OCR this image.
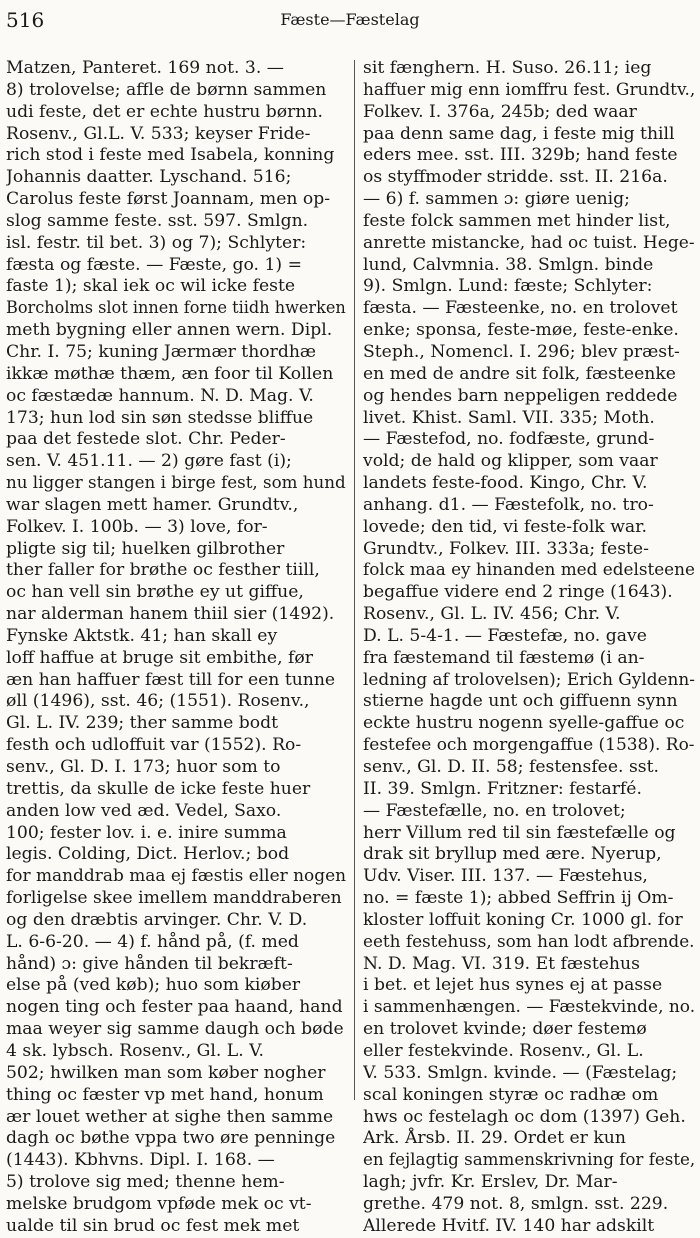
516	Fæste—Fæstelag
Matzen, Panteret. 169 not. 3. —
8) trolovelse; affle de børnn sammen
udi feste, det er echte hustru børnn.
Rosenv., Gl.L. V. 533; keyser Fride-
rich stod i feste med Isabela, konning
Johannis daatter. Lyschand. 516;
Carolus feste først Joannam, men op-
slog samme feste. sst. 597. Smlgn.
isl. festr. til bet. 3) og 7); Schlyter:
fæsta og fæste. — Fæste, go. 1) =
faste 1); skal iek oc wil icke feste
Borcholms slot innen forne tiidh hwerken
meth bygning eller annen wern. Dipl.
Chr. I. 75; kuning Jærmær thordhæ
ikkæ møthæ thæm, æn foor til Kollen
oc fæstædæ hannum. N. D. Mag. V.
173; hun lod sin søn stedsse bliffue
paa det festede slot. Chr. Peder-
sen. V. 451.11. — 2) gøre fast (i);
nu ligger stangen i birge fest, som hund
war slagen mett hamer. Grundtv.,
Folkev. I. 100b. — 3) love, for-
pligte sig til; huelken gilbrother
ther faller for brøthe oc festher tiill,
oc han vell sin brøthe ey ut giffue,
nar alderman hanem thiil sier (1492).
Fynske Aktstk. 41; han skall ey
loff haffue at bruge sit embithe, før
æn han haffuer fæst till for een tunne
øll (1496), sst. 46; (1551). Rosenv.,
Gl. L. IV. 239; ther samme bodt
festh och udloffuit var (1552). Ro-
senv., Gl. D. I. 173; huor som to
trettis, da skulle de icke feste huer
anden low ved æd. Vedel, Saxo.
100; fester lov. i. e. inire summa
legis. Colding, Dict. Herlov.; bod
for manddrab maa ej fæstis eller nogen
forligelse skee imellem manddraberen
og den dræbtis arvinger. Chr. V. D.
L. 6-6-20. — 4) f. hånd på, (f. med
hånd) ɔ: give hånden til bekræft-
else på (ved køb); huo som kiøber
nogen ting och fester paa haand, hand
maa weyer sig samme daugh och bøde
4 sk. lybsch. Rosenv., Gl. L. V.
502; hwilken man som køber nogher
thing oc fæster vp met hand, honum
ær louet wether at sighe then samme
dagh oc bøthe vppa two øre penninge
(1443). Kbhvns. Dipl. I. 168. —
5) trolove sig med; thenne hem-
melske brudgom vpføde mek oc vt-
ualde til sin brud oc fest mek met
sit fænghern. H. Suso. 26.11; ieg
haffuer mig enn iomffru fest. Grundtv.,
Folkev. I. 376a, 245b; ded waar
paa denn same dag, i feste mig thill
eders mee. sst. III. 329b; hand feste
os styffmoder stridde. sst. II. 216a.
— 6) f. sammen ɔ: giøre uenig;
feste folck sammen met hinder list,
anrette mistancke, had oc tuist. Hege-
lund, Calvmnia. 38. Smlgn. binde
9). Smlgn. Lund: fæste; Schlyter:
fæsta. — Fæsteenke, no. en trolovet
enke; sponsa, feste-møe, feste-enke.
Steph., Nomencl. I. 296; blev præst-
en med de andre sit folk, fæsteenke
og hendes barn neppeligen reddede
livet. Khist. Saml. VII. 335; Moth.
— Fæstefod, no. fodfæste, grund-
vold; de hald og klipper, som vaar
landets feste-food. Kingo, Chr. V.
anhang. d1. — Fæstefolk, no. tro-
lovede; den tid, vi feste-folk war.
Grundtv., Folkev. III. 333a; feste-
folck maa ey hinanden med edelsteene
begaffue videre end 2 ringe (1643).
Rosenv., Gl. L. IV. 456; Chr. V.
D. L. 5-4-1. — Fæstefæ, no. gave
fra fæstemand til fæstemø (i an-
ledning af trolovelsen); Erich Gyldenn-
stierne hagde unt och giffuenn synn
eckte hustru nogenn syelle-gaffue oc
festefee och morgengaffue (1538). Ro-
senv., Gl. D. II. 58; festensfee. sst.
II. 39. Smlgn. Fritzner: festarfé.
— Fæstefælle, no. en trolovet;
herr Villum red til sin fæstefælle og
drak sit bryllup med ære. Nyerup,
Udv. Viser. III. 137. — Fæstehus,
no. = fæste 1); abbed Seffrin ij Om-
kloster loffuit koning Cr. 1000 gl. for
eeth festehuss, som han lodt afbrende.
N. D. Mag. VI. 319. Et fæstehus
i bet. et lejet hus synes ej at passe
i sammenhængen. — Fæstekvinde, no.
en trolovet kvinde; døer festemø
eller festekvinde. Rosenv., Gl. L.
V. 533. Smlgn. kvinde. — (Fæstelag;
scal koningen styræ oc radhæ om
hws oc festelagh oc dom (1397) Geh.
Ark. Årsb. II. 29. Ordet er kun
en fejlagtig sammenskrivning for feste,
lagh; jvfr. Kr. Erslev, Dr. Mar-
grethe. 479 not. 8, smlgn. sst. 229.
Allerede Hvitf. IV. 140 har adskilt
